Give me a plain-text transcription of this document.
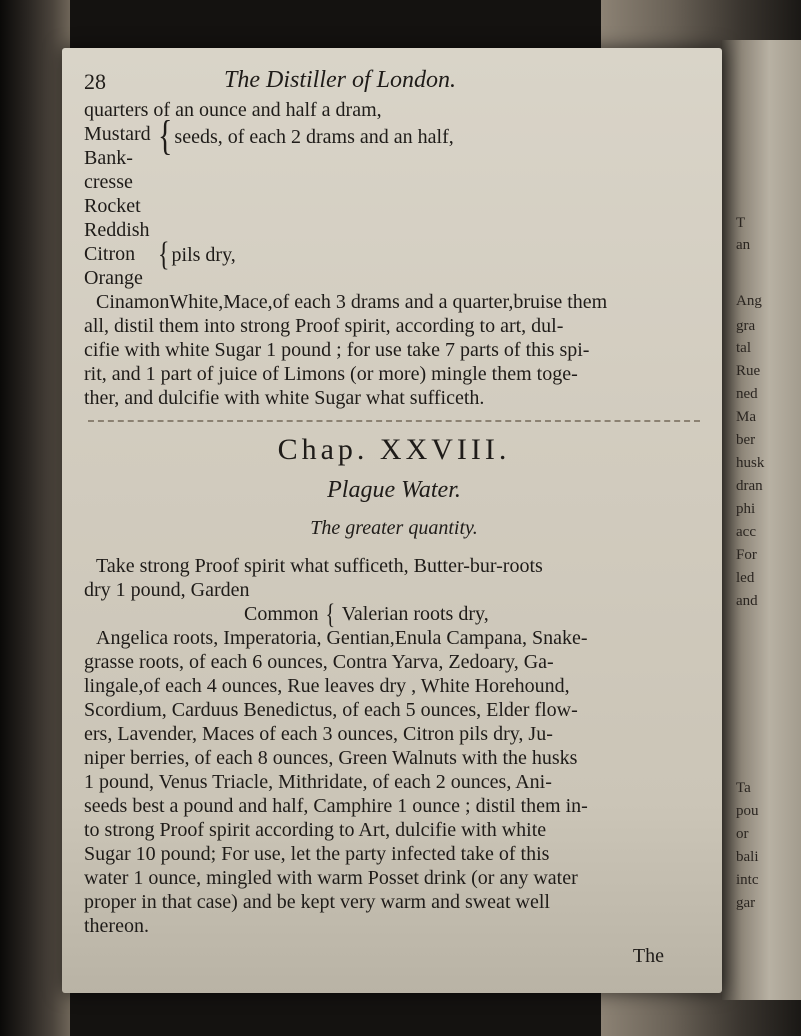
T
an
Ang
gra
tal
Rue
ned
Ma
ber
husk
dran
phi
acc
For
led
and
Ta
pou
or
bali
intc
gar
28	The Distiller of London.
quarters of an ounce and half a dram,
Mustard
Bank-cresse
Rocket
Reddish
{ seeds, of each 2 drams and an half,
Citron
Orange
{ pils dry,
CinamonWhite,Mace,of each 3 drams and a quarter,bruise them
all, distil them into strong Proof spirit, according to art, dul-
cifie with white Sugar 1 pound ; for use take 7 parts of this spi-
rit, and 1 part of juice of Limons (or more) mingle them toge-
ther, and dulcifie with white Sugar what sufficeth.
Chap. XXVIII.
Plague Water.
The greater quantity.
Take strong Proof spirit what sufficeth, Butter-bur-roots
dry 1 pound, Garden
Common { Valerian roots dry,
Angelica roots, Imperatoria, Gentian,Enula Campana, Snake-
grasse roots, of each 6 ounces, Contra Yarva, Zedoary, Ga-
lingale,of each 4 ounces, Rue leaves dry , White Horehound,
Scordium, Carduus Benedictus, of each 5 ounces, Elder flow-
ers, Lavender, Maces of each 3 ounces, Citron pils dry, Ju-
niper berries, of each 8 ounces, Green Walnuts with the husks
1 pound, Venus Triacle, Mithridate, of each 2 ounces, Ani-
seeds best a pound and half, Camphire 1 ounce ; distil them in-
to strong Proof spirit according to Art, dulcifie with white
Sugar 10 pound; For use, let the party infected take of this
water 1 ounce, mingled with warm Posset drink (or any water
proper in that case) and be kept very warm and sweat well
thereon.
The
